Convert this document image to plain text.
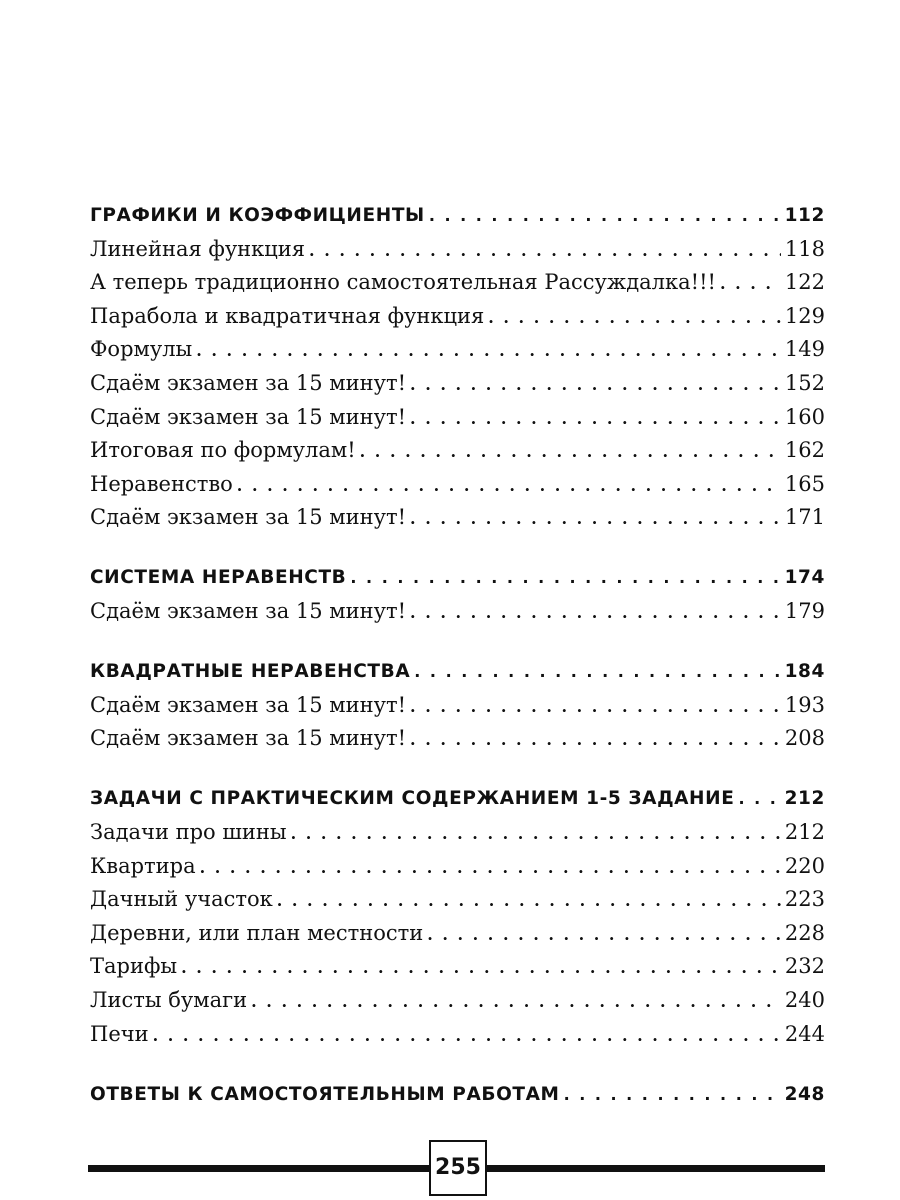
ГРАФИКИ И КОЭФФИЦИЕНТЫ . . .	112
Линейная функция . . .	118
А теперь традиционно самостоятельная Рассуждалка!!! . . .	122
Парабола и квадратичная функция . . .	129
Формулы . . .	149
Сдаём экзамен за 15 минут! . . .	152
Сдаём экзамен за 15 минут! . . .	160
Итоговая по формулам! . . .	162
Неравенство . . .	165
Сдаём экзамен за 15 минут! . . .	171
СИСТЕМА НЕРАВЕНСТВ . . .	174
Сдаём экзамен за 15 минут! . . .	179
КВАДРАТНЫЕ НЕРАВЕНСТВА . . .	184
Сдаём экзамен за 15 минут! . . .	193
Сдаём экзамен за 15 минут! . . .	208
ЗАДАЧИ С ПРАКТИЧЕСКИМ СОДЕРЖАНИЕМ 1-5 ЗАДАНИЕ . . .	212
Задачи про шины . . .	212
Квартира . . .	220
Дачный участок . . .	223
Деревни, или план местности . . .	228
Тарифы . . .	232
Листы бумаги . . .	240
Печи . . .	244
ОТВЕТЫ К САМОСТОЯТЕЛЬНЫМ РАБОТАМ . . .	248
255
